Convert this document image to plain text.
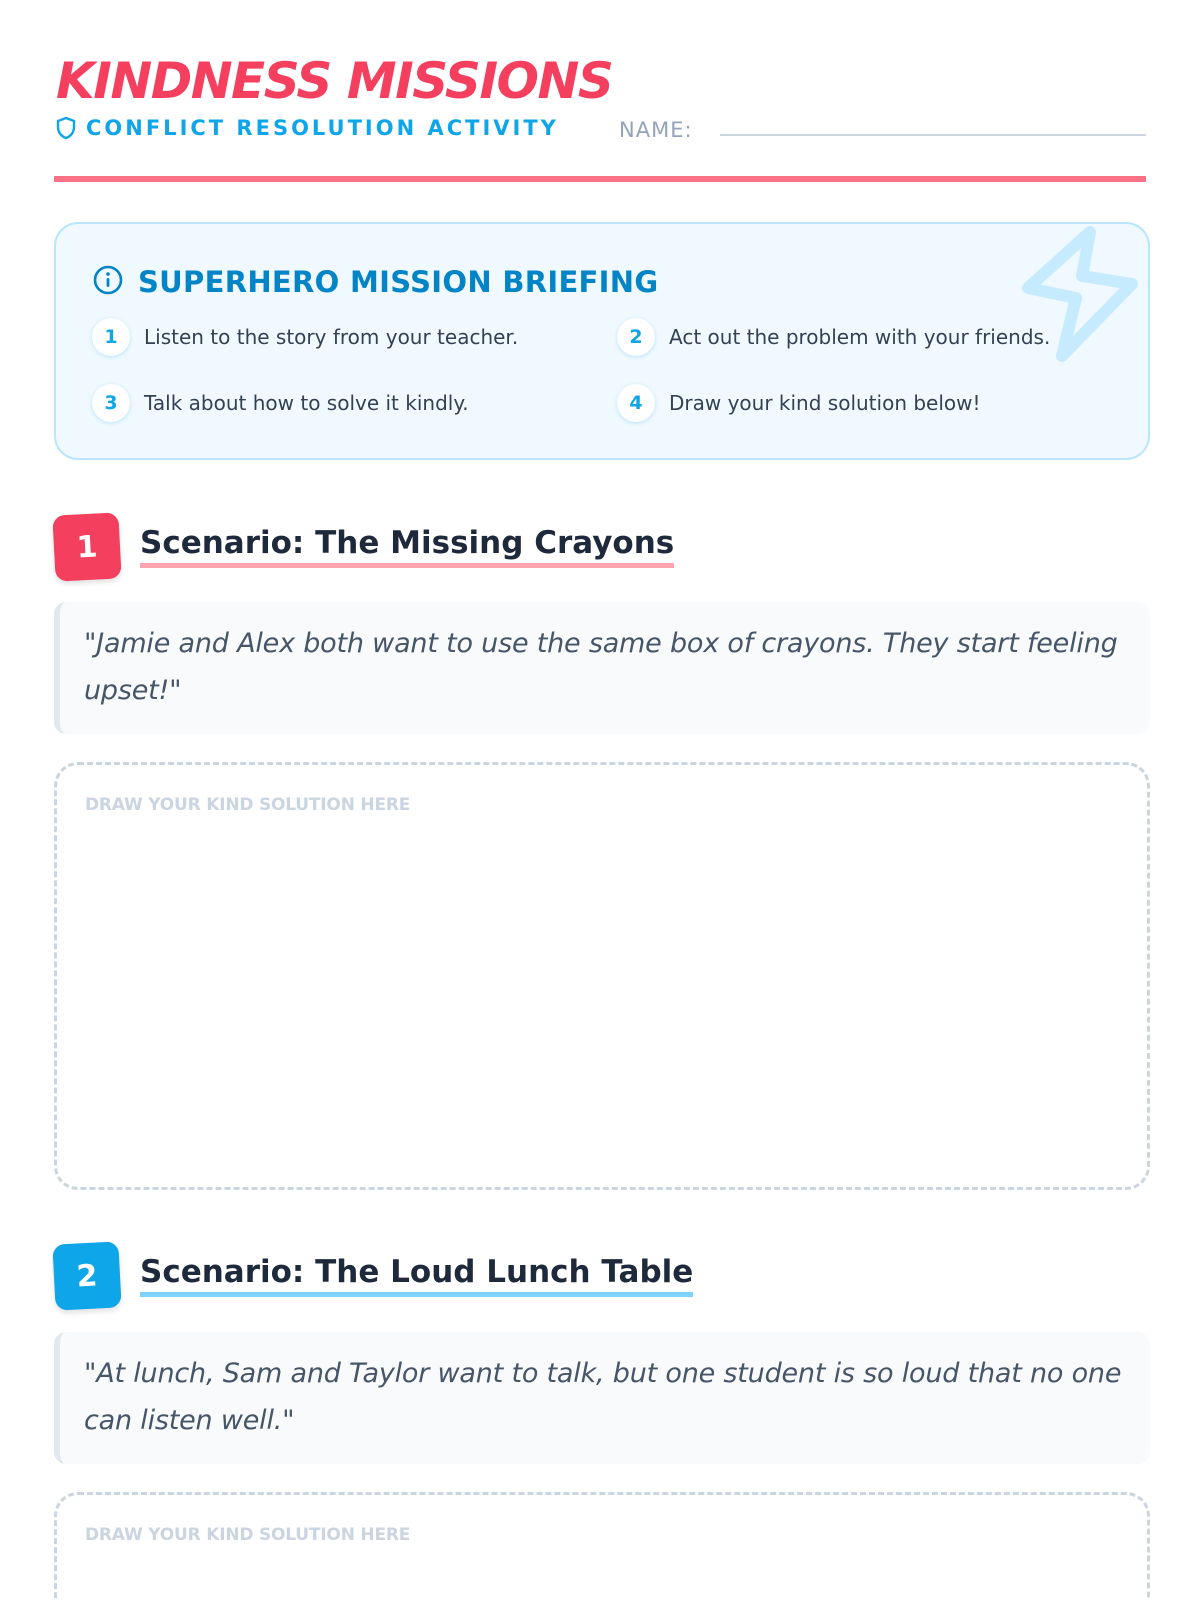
KINDNESS MISSIONS
CONFLICT RESOLUTION ACTIVITY	NAME:
SUPERHERO MISSION BRIEFING
1	Listen to the story from your teacher.	2	Act out the problem with your friends.
3	Talk about how to solve it kindly.	4	Draw your kind solution below!
1	Scenario: The Missing Crayons
"Jamie and Alex both want to use the same box of crayons. They start feeling upset!"
DRAW YOUR KIND SOLUTION HERE
2	Scenario: The Loud Lunch Table
"At lunch, Sam and Taylor want to talk, but one student is so loud that no one can listen well."
DRAW YOUR KIND SOLUTION HERE
